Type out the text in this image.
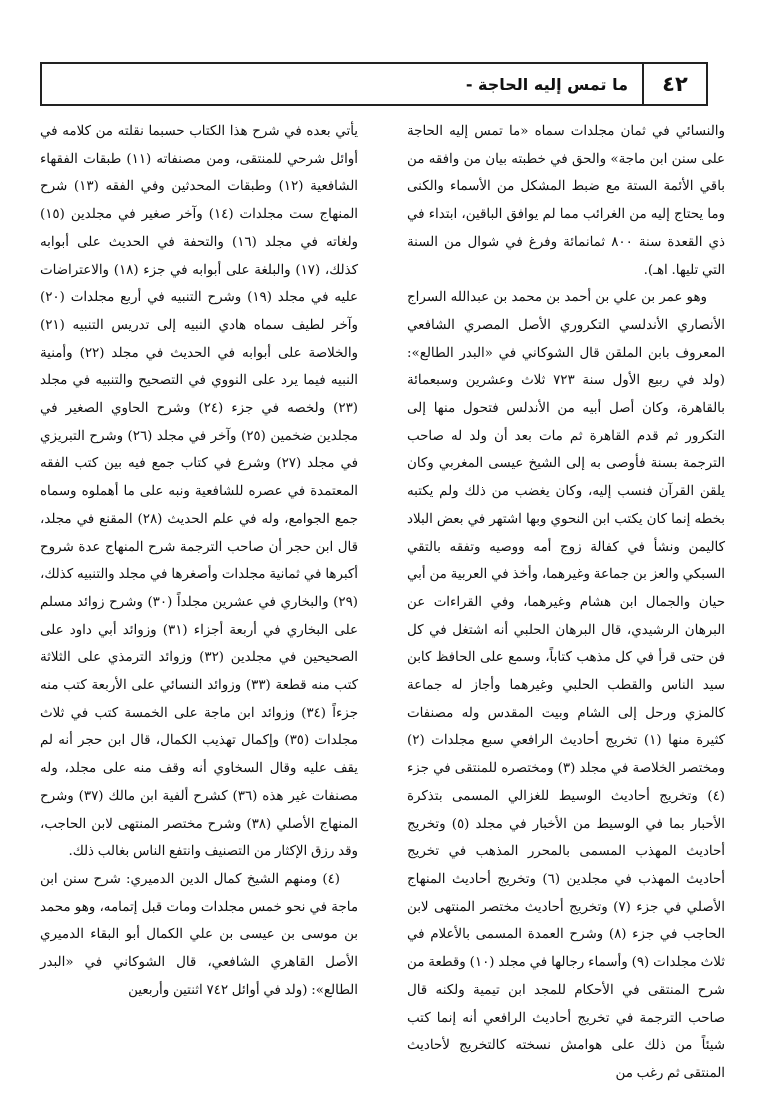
٤٢
ما تمس إليه الحاجة -

والنسائي في ثمان مجلدات سماه «ما تمس إليه الحاجة على سنن ابن ماجة» والحق في خطبته بيان من وافقه من باقي الأئمة الستة مع ضبط المشكل من الأسماء والكنى وما يحتاج إليه من الغرائب مما لم يوافق الباقين، ابتداء في ذي القعدة سنة ٨٠٠ ثمانمائة وفرغ في شوال من السنة التي تليها. اهـ).

وهو عمر بن علي بن أحمد بن محمد بن عبدالله السراج الأنصاري الأندلسي التكروري الأصل المصري الشافعي المعروف بابن الملقن قال الشوكاني في «البدر الطالع»: (ولد في ربيع الأول سنة ٧٢٣ ثلاث وعشرين وسبعمائة بالقاهرة، وكان أصل أبيه من الأندلس فتحول منها إلى التكرور ثم قدم القاهرة ثم مات بعد أن ولد له صاحب الترجمة بسنة فأوصى به إلى الشيخ عيسى المغربي وكان يلقن القرآن فنسب إليه، وكان يغضب من ذلك ولم يكتبه بخطه إنما كان يكتب ابن النحوي وبها اشتهر في بعض البلاد كاليمن ونشأ في كفالة زوج أمه ووصيه وتفقه بالتقي السبكي والعز بن جماعة وغيرهما، وأخذ في العربية من أبي حيان والجمال ابن هشام وغيرهما، وفي القراءات عن البرهان الرشيدي، قال البرهان الحلبي أنه اشتغل في كل فن حتى قرأ في كل مذهب كتاباً، وسمع على الحافظ كابن سيد الناس والقطب الحلبي وغيرهما وأجاز له جماعة كالمزي ورحل إلى الشام وبيت المقدس وله مصنفات كثيرة منها (١) تخريج أحاديث الرافعي سبع مجلدات (٢) ومختصر الخلاصة في مجلد (٣) ومختصره للمنتقى في جزء (٤) وتخريج أحاديث الوسيط للغزالي المسمى بتذكرة الأحبار بما في الوسيط من الأخبار في مجلد (٥) وتخريج أحاديث المهذب المسمى بالمحرر المذهب في تخريج أحاديث المهذب في مجلدين (٦) وتخريج أحاديث المنهاج الأصلي في جزء (٧) وتخريج أحاديث مختصر المنتهى لابن الحاجب في جزء (٨) وشرح العمدة المسمى بالأعلام في ثلاث مجلدات (٩) وأسماء رجالها في مجلد (١٠) وقطعة من شرح المنتقى في الأحكام للمجد ابن تيمية ولكنه قال صاحب الترجمة في تخريج أحاديث الرافعي أنه إنما كتب شيئاً من ذلك على هوامش نسخته كالتخريج لأحاديث المنتقى ثم رغب من

يأتي بعده في شرح هذا الكتاب حسبما نقلته من كلامه في أوائل شرحي للمنتقى، ومن مصنفاته (١١) طبقات الفقهاء الشافعية (١٢) وطبقات المحدثين وفي الفقه (١٣) شرح المنهاج ست مجلدات (١٤) وآخر صغير في مجلدين (١٥) ولغاته في مجلد (١٦) والتحفة في الحديث على أبوابه كذلك، (١٧) والبلغة على أبوابه في جزء (١٨) والاعتراضات عليه في مجلد (١٩) وشرح التنبيه في أربع مجلدات (٢٠) وآخر لطيف سماه هادي النبيه إلى تدريس التنبيه (٢١) والخلاصة على أبوابه في الحديث في مجلد (٢٢) وأمنية النبيه فيما يرد على النووي في التصحيح والتنبيه في مجلد (٢٣) ولخصه في جزء (٢٤) وشرح الحاوي الصغير في مجلدين ضخمين (٢٥) وآخر في مجلد (٢٦) وشرح التبريزي في مجلد (٢٧) وشرع في كتاب جمع فيه بين كتب الفقه المعتمدة في عصره للشافعية ونبه على ما أهملوه وسماه جمع الجوامع، وله في علم الحديث (٢٨) المقنع في مجلد، قال ابن حجر أن صاحب الترجمة شرح المنهاج عدة شروح أكبرها في ثمانية مجلدات وأصغرها في مجلد والتنبيه كذلك، (٢٩) والبخاري في عشرين مجلداً (٣٠) وشرح زوائد مسلم على البخاري في أربعة أجزاء (٣١) وزوائد أبي داود على الصحيحين في مجلدين (٣٢) وزوائد الترمذي على الثلاثة كتب منه قطعة (٣٣) وزوائد النسائي على الأربعة كتب منه جزءاً (٣٤) وزوائد ابن ماجة على الخمسة كتب في ثلاث مجلدات (٣٥) وإكمال تهذيب الكمال، قال ابن حجر أنه لم يقف عليه وقال السخاوي أنه وقف منه على مجلد، وله مصنفات غير هذه (٣٦) كشرح ألفية ابن مالك (٣٧) وشرح المنهاج الأصلي (٣٨) وشرح مختصر المنتهى لابن الحاجب، وقد رزق الإكثار من التصنيف وانتفع الناس بغالب ذلك.

(٤) ومنهم الشيخ كمال الدين الدميري: شرح سنن ابن ماجة في نحو خمس مجلدات ومات قبل إتمامه، وهو محمد بن موسى بن عيسى بن علي الكمال أبو البقاء الدميري الأصل القاهري الشافعي، قال الشوكاني في «البدر الطالع»: (ولد في أوائل ٧٤٢ اثنتين وأربعين
